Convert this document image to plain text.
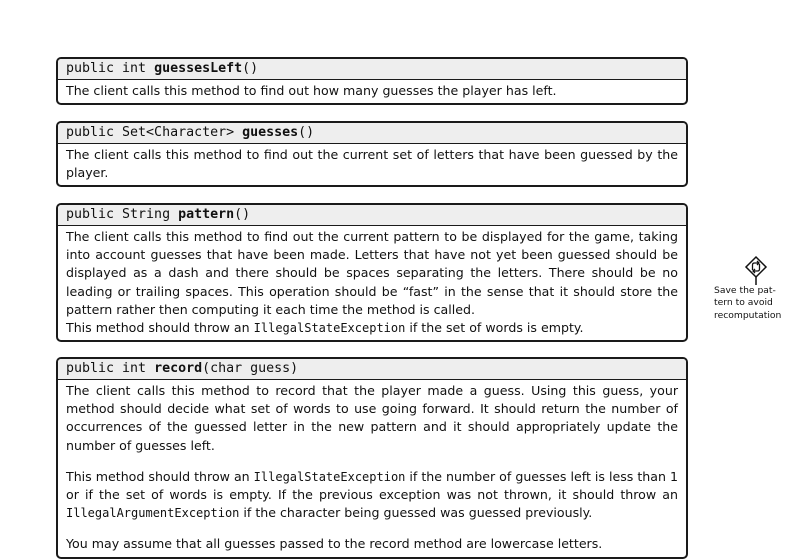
public int guessesLeft()

The client calls this method to find out how many guesses the player has left.

public Set<Character> guesses()

The client calls this method to find out the current set of letters that have been guessed by the player.

public String pattern()

The client calls this method to find out the current pattern to be displayed for the game, taking into account guesses that have been made. Letters that have not yet been guessed should be displayed as a dash and there should be spaces separating the letters. There should be no leading or trailing spaces. This operation should be “fast” in the sense that it should store the pattern rather then computing it each time the method is called.

This method should throw an IllegalStateException if the set of words is empty.

public int record(char guess)

The client calls this method to record that the player made a guess. Using this guess, your method should decide what set of words to use going forward. It should return the number of occurrences of the guessed letter in the new pattern and it should appropriately update the number of guesses left.

This method should throw an IllegalStateException if the number of guesses left is less than 1 or if the set of words is empty. If the previous exception was not thrown, it should throw an IllegalArgumentException if the character being guessed was guessed previously.

You may assume that all guesses passed to the record method are lowercase letters.

Save the pat-
tern to avoid
recomputation
